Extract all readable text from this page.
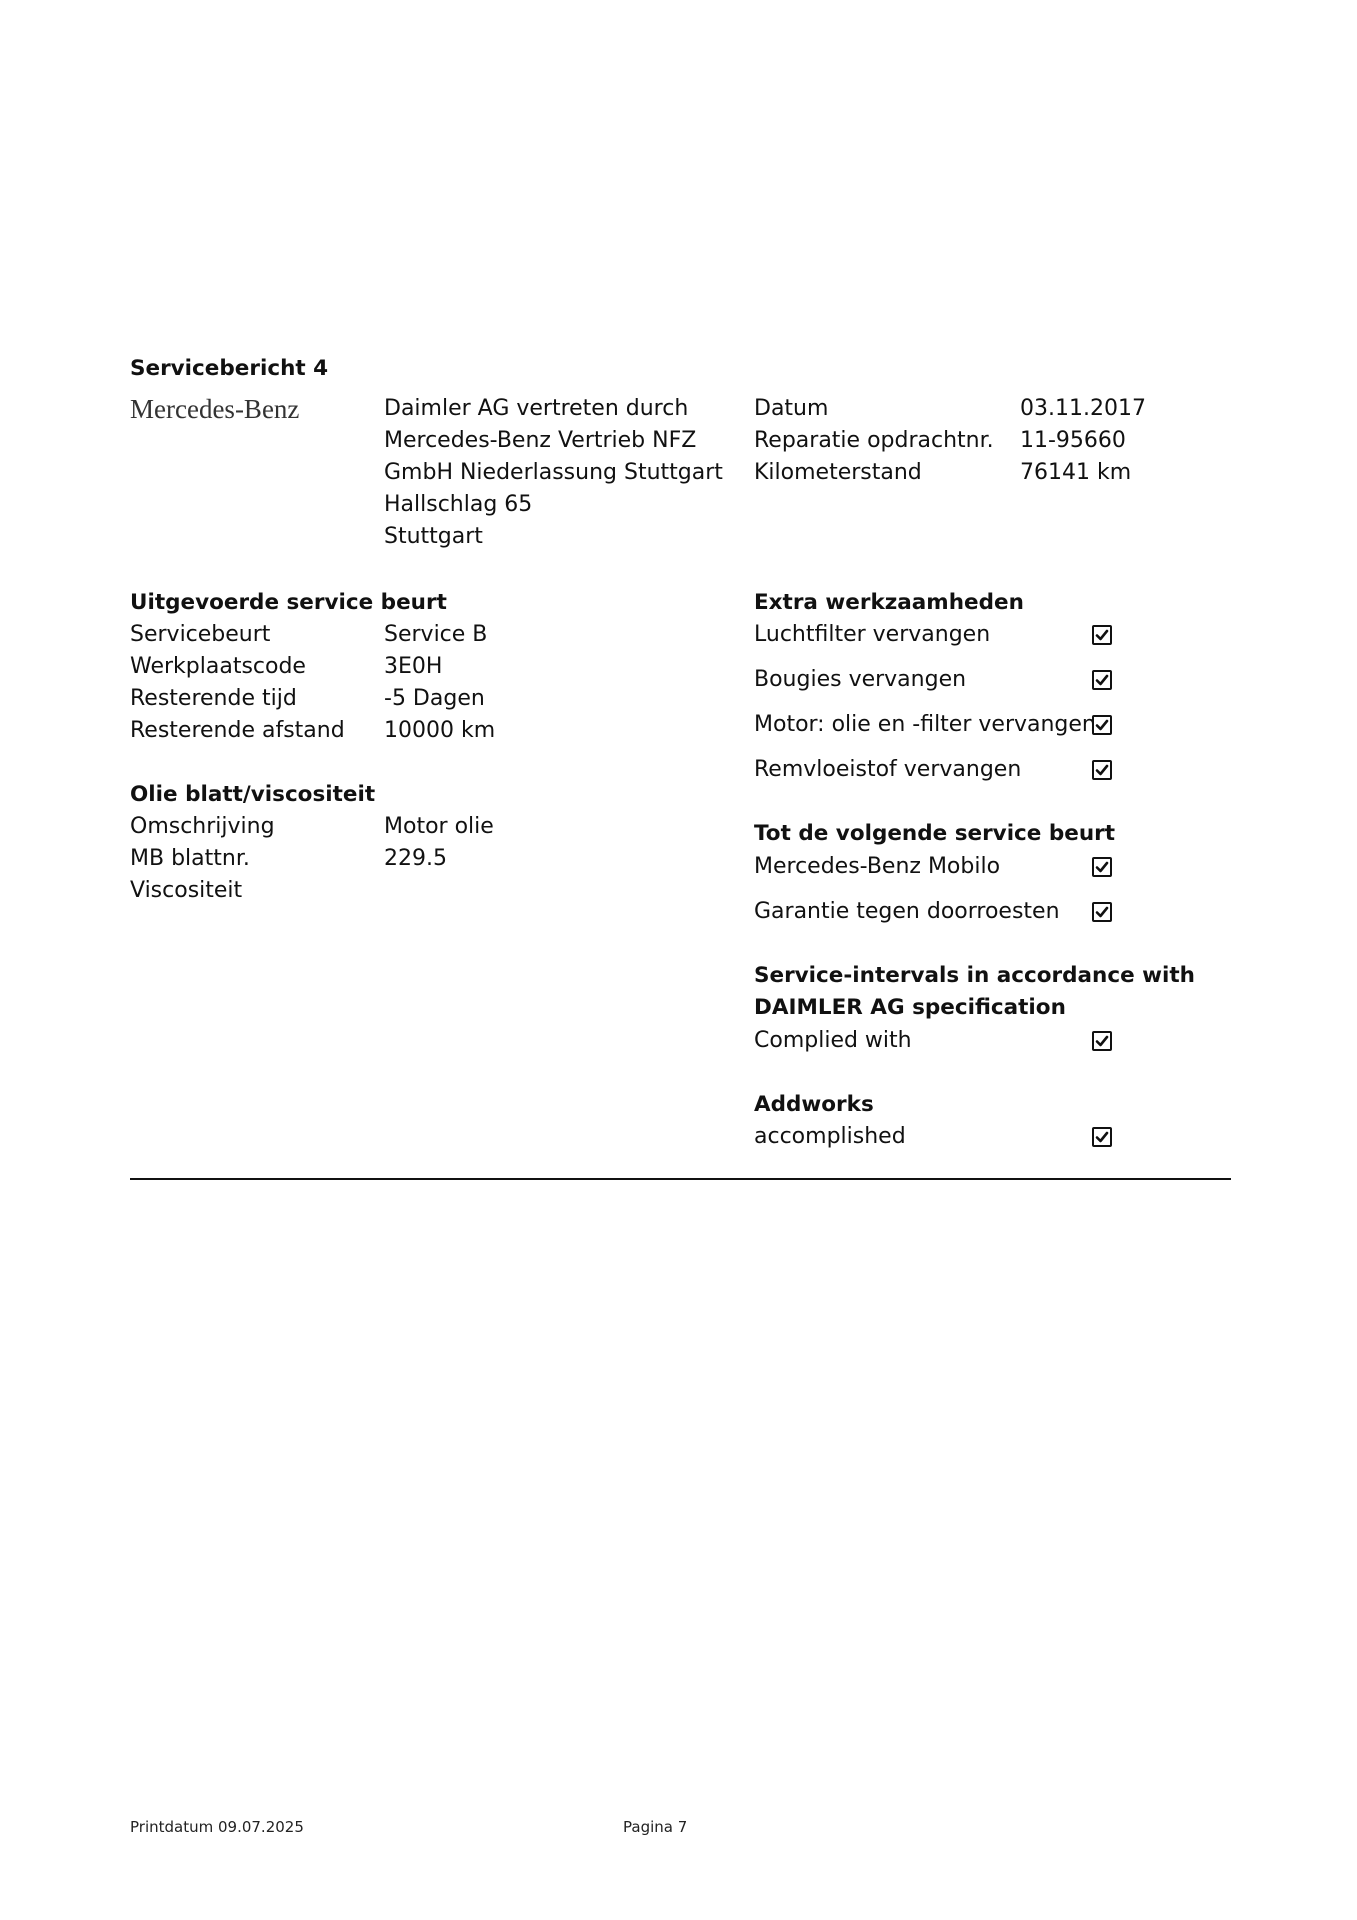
Servicebericht 4
Mercedes-Benz	Daimler AG vertreten durch
Mercedes-Benz Vertrieb NFZ
GmbH Niederlassung Stuttgart
Hallschlag 65
Stuttgart
Datum	03.11.2017
Reparatie opdrachtnr. 11-95660
Kilometerstand	76141 km
Uitgevoerde service beurt
Servicebeurt	Service B
Werkplaatscode	3E0H
Resterende tijd	-5 Dagen
Resterende afstand 10000 km
Olie blatt/viscositeit
Omschrijving	Motor olie
MB blattnr.	229.5
Viscositeit
Extra werkzaamheden
Luchtfilter vervangen
Bougies vervangen
Motor: olie en -filter vervangen
Remvloeistof vervangen
Tot de volgende service beurt
Mercedes-Benz Mobilo
Garantie tegen doorroesten
Service-intervals in accordance with
DAIMLER AG specification
Complied with
Addworks
accomplished
Printdatum 09.07.2025	Pagina 7
